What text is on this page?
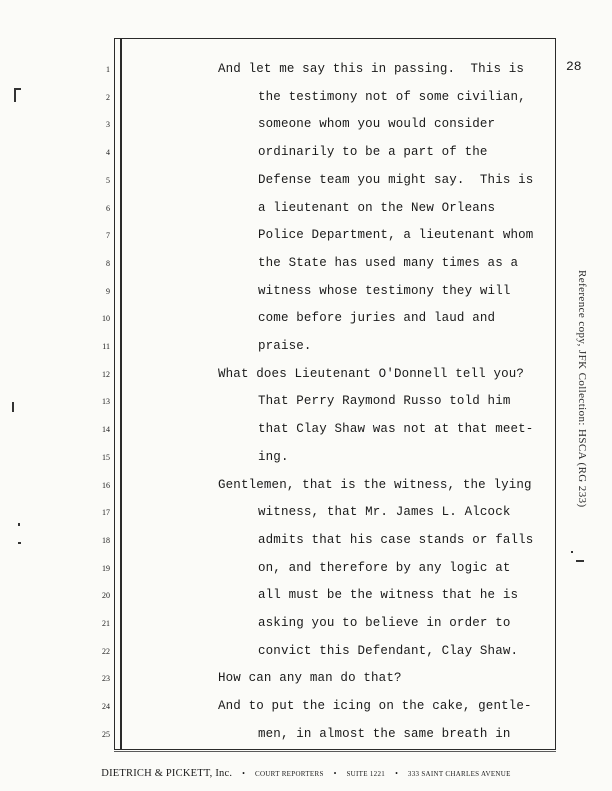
28
1	And let me say this in passing.  This is
2	the testimony not of some civilian,
3	someone whom you would consider
4	ordinarily to be a part of the
5	Defense team you might say.  This is
6	a lieutenant on the New Orleans
7	Police Department, a lieutenant whom
8	the State has used many times as a
9	witness whose testimony they will
10	come before juries and laud and
11	praise.
12	What does Lieutenant O'Donnell tell you?
13	That Perry Raymond Russo told him
14	that Clay Shaw was not at that meet-
15	ing.
16	Gentlemen, that is the witness, the lying
17	witness, that Mr. James L. Alcock
18	admits that his case stands or falls
19	on, and therefore by any logic at
20	all must be the witness that he is
21	asking you to believe in order to
22	convict this Defendant, Clay Shaw.
23	How can any man do that?
24	And to put the icing on the cake, gentle-
25	men, in almost the same breath in
Reference copy, JFK Collection: HSCA (RG 233)
DIETRICH & PICKETT, Inc. • COURT REPORTERS • SUITE 1221 • 333 SAINT CHARLES AVENUE
